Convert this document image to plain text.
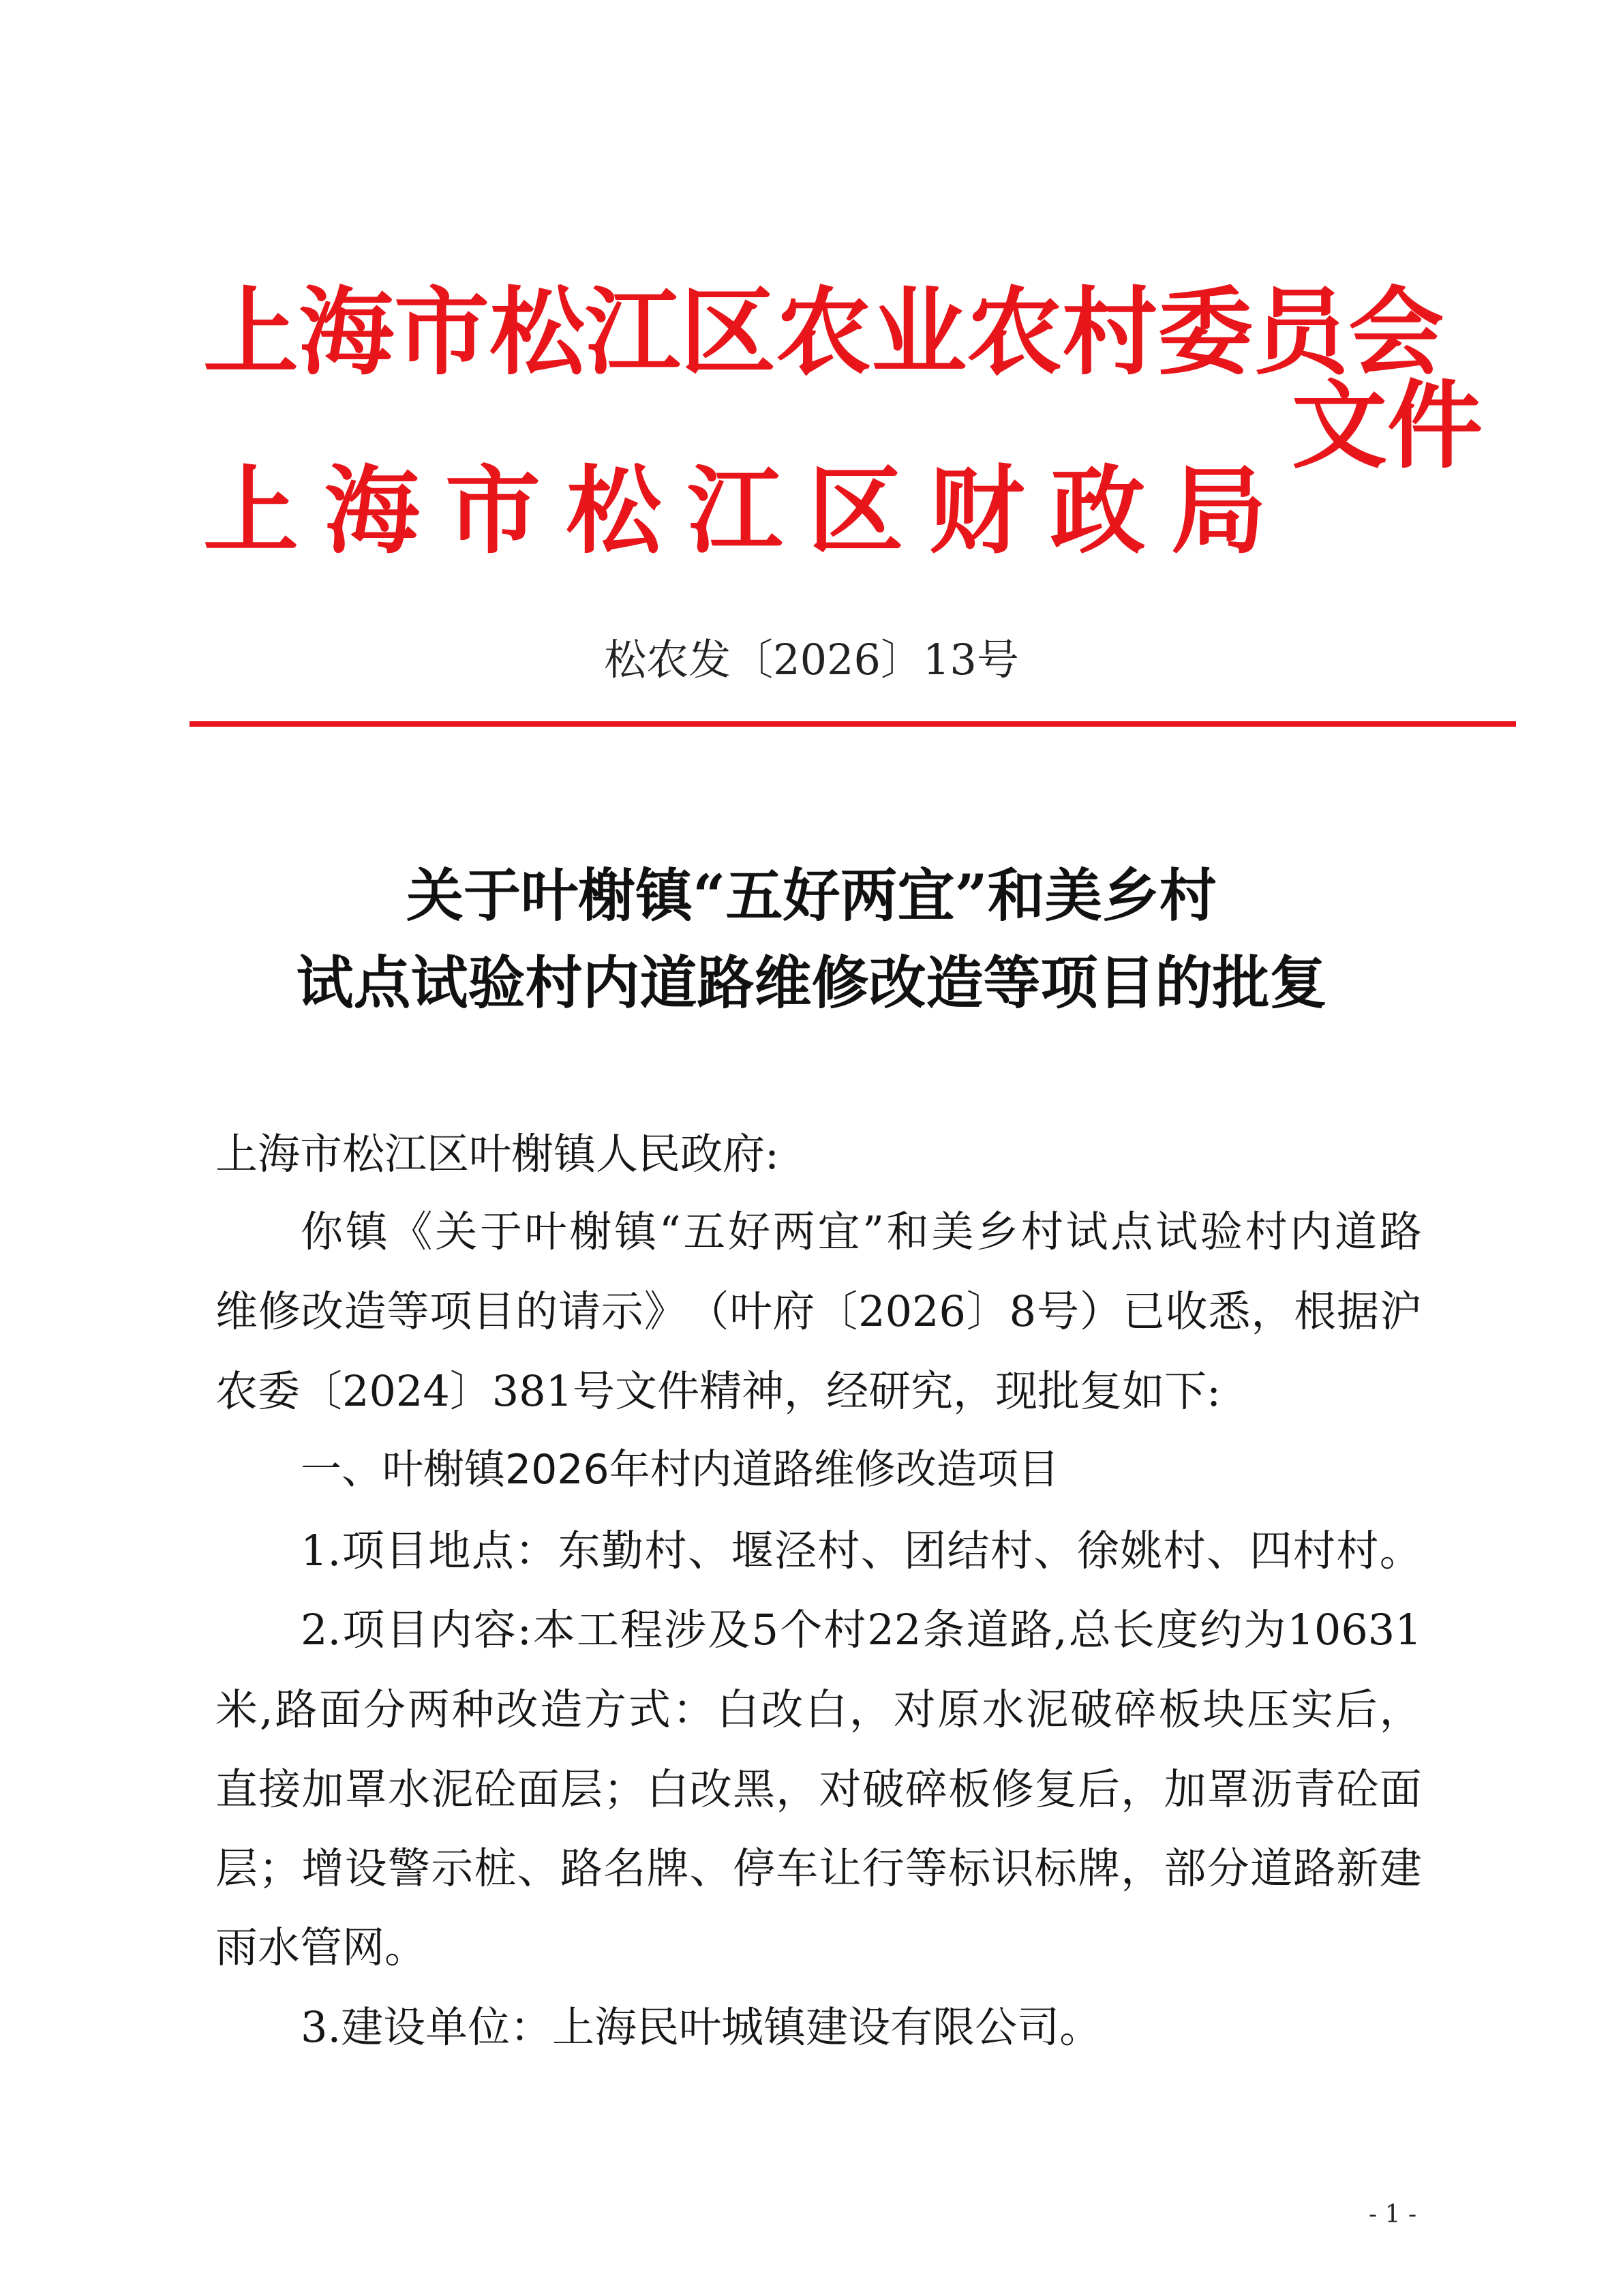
上 海 市 松 江 区 农 业 农 村 委 员 会
上 海 市 松 江 区 财 政 局
文件
松农发〔2026〕13号
关于叶榭镇“五好两宜”和美乡村
试点试验村内道路维修改造等项目的批复
上海市松江区叶榭镇人民政府:
你 镇 《 关 于 叶 榭 镇 “ 五 好 两 宜 ” 和 美 乡 村 试 点 试 验 村 内 道 路
维 修 改 造 等 项 目 的 请 示 》 （ 叶 府 〔 2026 〕 8 号 ） 已 收 悉 ， 根 据 沪
农委〔2024〕381号文件精神，经研究，现批复如下:
一、叶榭镇2026年村内道路维修改造项目
1. 项 目 地 点 ： 东 勤 村 、 堰 泾 村 、 团 结 村 、 徐 姚 村 、 四 村 村 。
2. 项 目 内 容 : 本 工 程 涉 及 5 个 村 22 条 道 路 , 总 长 度 约 为 10631
米 , 路 面 分 两 种 改 造 方 式 ： 白 改 白 ， 对 原 水 泥 破 碎 板 块 压 实 后 ，
直 接 加 罩 水 泥 砼 面 层 ； 白 改 黑 ， 对 破 碎 板 修 复 后 ， 加 罩 沥 青 砼 面
层 ； 增 设 警 示 桩 、 路 名 牌 、 停 车 让 行 等 标 识 标 牌 ， 部 分 道 路 新 建
雨水管网。
3.建设单位：上海民叶城镇建设有限公司。
- 1 -
